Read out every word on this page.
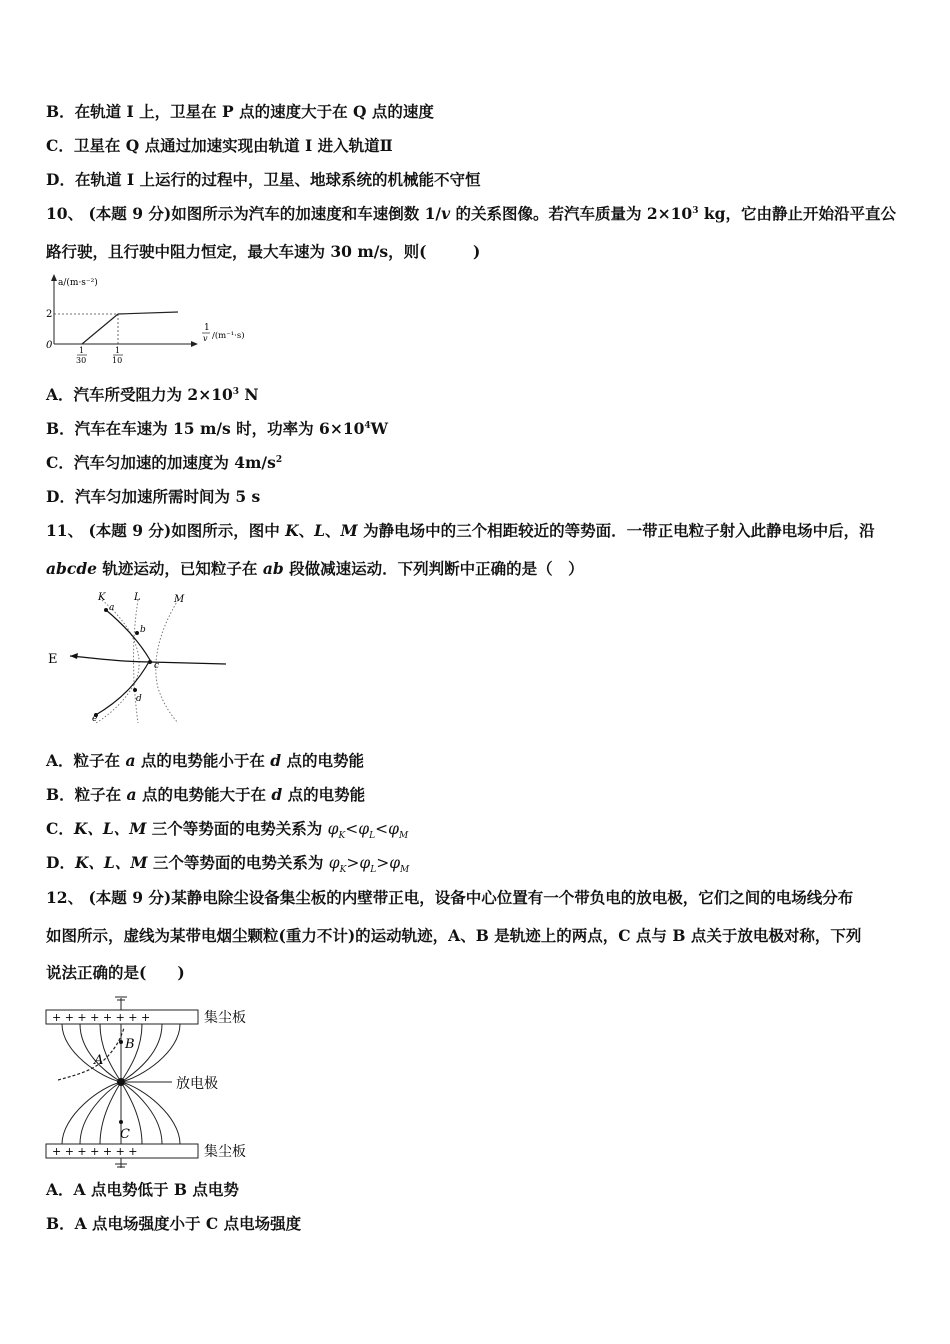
B．在轨道 I 上，卫星在 P 点的速度大于在 Q 点的速度
C．卫星在 Q 点通过加速实现由轨道 I 进入轨道Ⅱ
D．在轨道 I 上运行的过程中，卫星、地球系统的机械能不守恒
10、 (本题 9 分)如图所示为汽车的加速度和车速倒数 1/v 的关系图像。若汽车质量为 $2\times 10^3$ kg，它由静止开始沿平直公
路行驶，且行驶中阻力恒定，最大车速为 30 m/s，则(　　　)
a/(m·s⁻²)
2
0	1
30
1
10
1
v /(m⁻¹·s)
A．汽车所受阻力为 $2\times 10^3$ N
B．汽车在车速为 15 m/s 时，功率为 $6\times 10^4W$
C．汽车匀加速的加速度为 $4m/s^2$
D．汽车匀加速所需时间为 5 s
11、 (本题 9 分)如图所示，图中 K、L、M 为静电场中的三个相距较近的等势面．一带正电粒子射入此静电场中后，沿
abcde 轨迹运动，已知粒子在 ab 段做减速运动．下列判断中正确的是（　）
K	L	M
E
a
b
c
d
e
A．粒子在 a 点的电势能小于在 d 点的电势能
B．粒子在 a 点的电势能大于在 d 点的电势能
C．K、L、M 三个等势面的电势关系为 $\varphi_K<\varphi_L<\varphi_M$
D．K、L、M 三个等势面的电势关系为 $\varphi_K>\varphi_L>\varphi_M$
12、 (本题 9 分)某静电除尘设备集尘板的内壁带正电，设备中心位置有一个带负电的放电极，它们之间的电场线分布
如图所示，虚线为某带电烟尘颗粒(重力不计)的运动轨迹，A、B 是轨迹上的两点，C 点与 B 点关于放电极对称，下列
说法正确的是(　　)
+ + + + + + + +	集尘板
+ + + + + + +	集尘板
放电极
B
A
C
A．A 点电势低于 B 点电势
B．A 点电场强度小于 C 点电场强度
